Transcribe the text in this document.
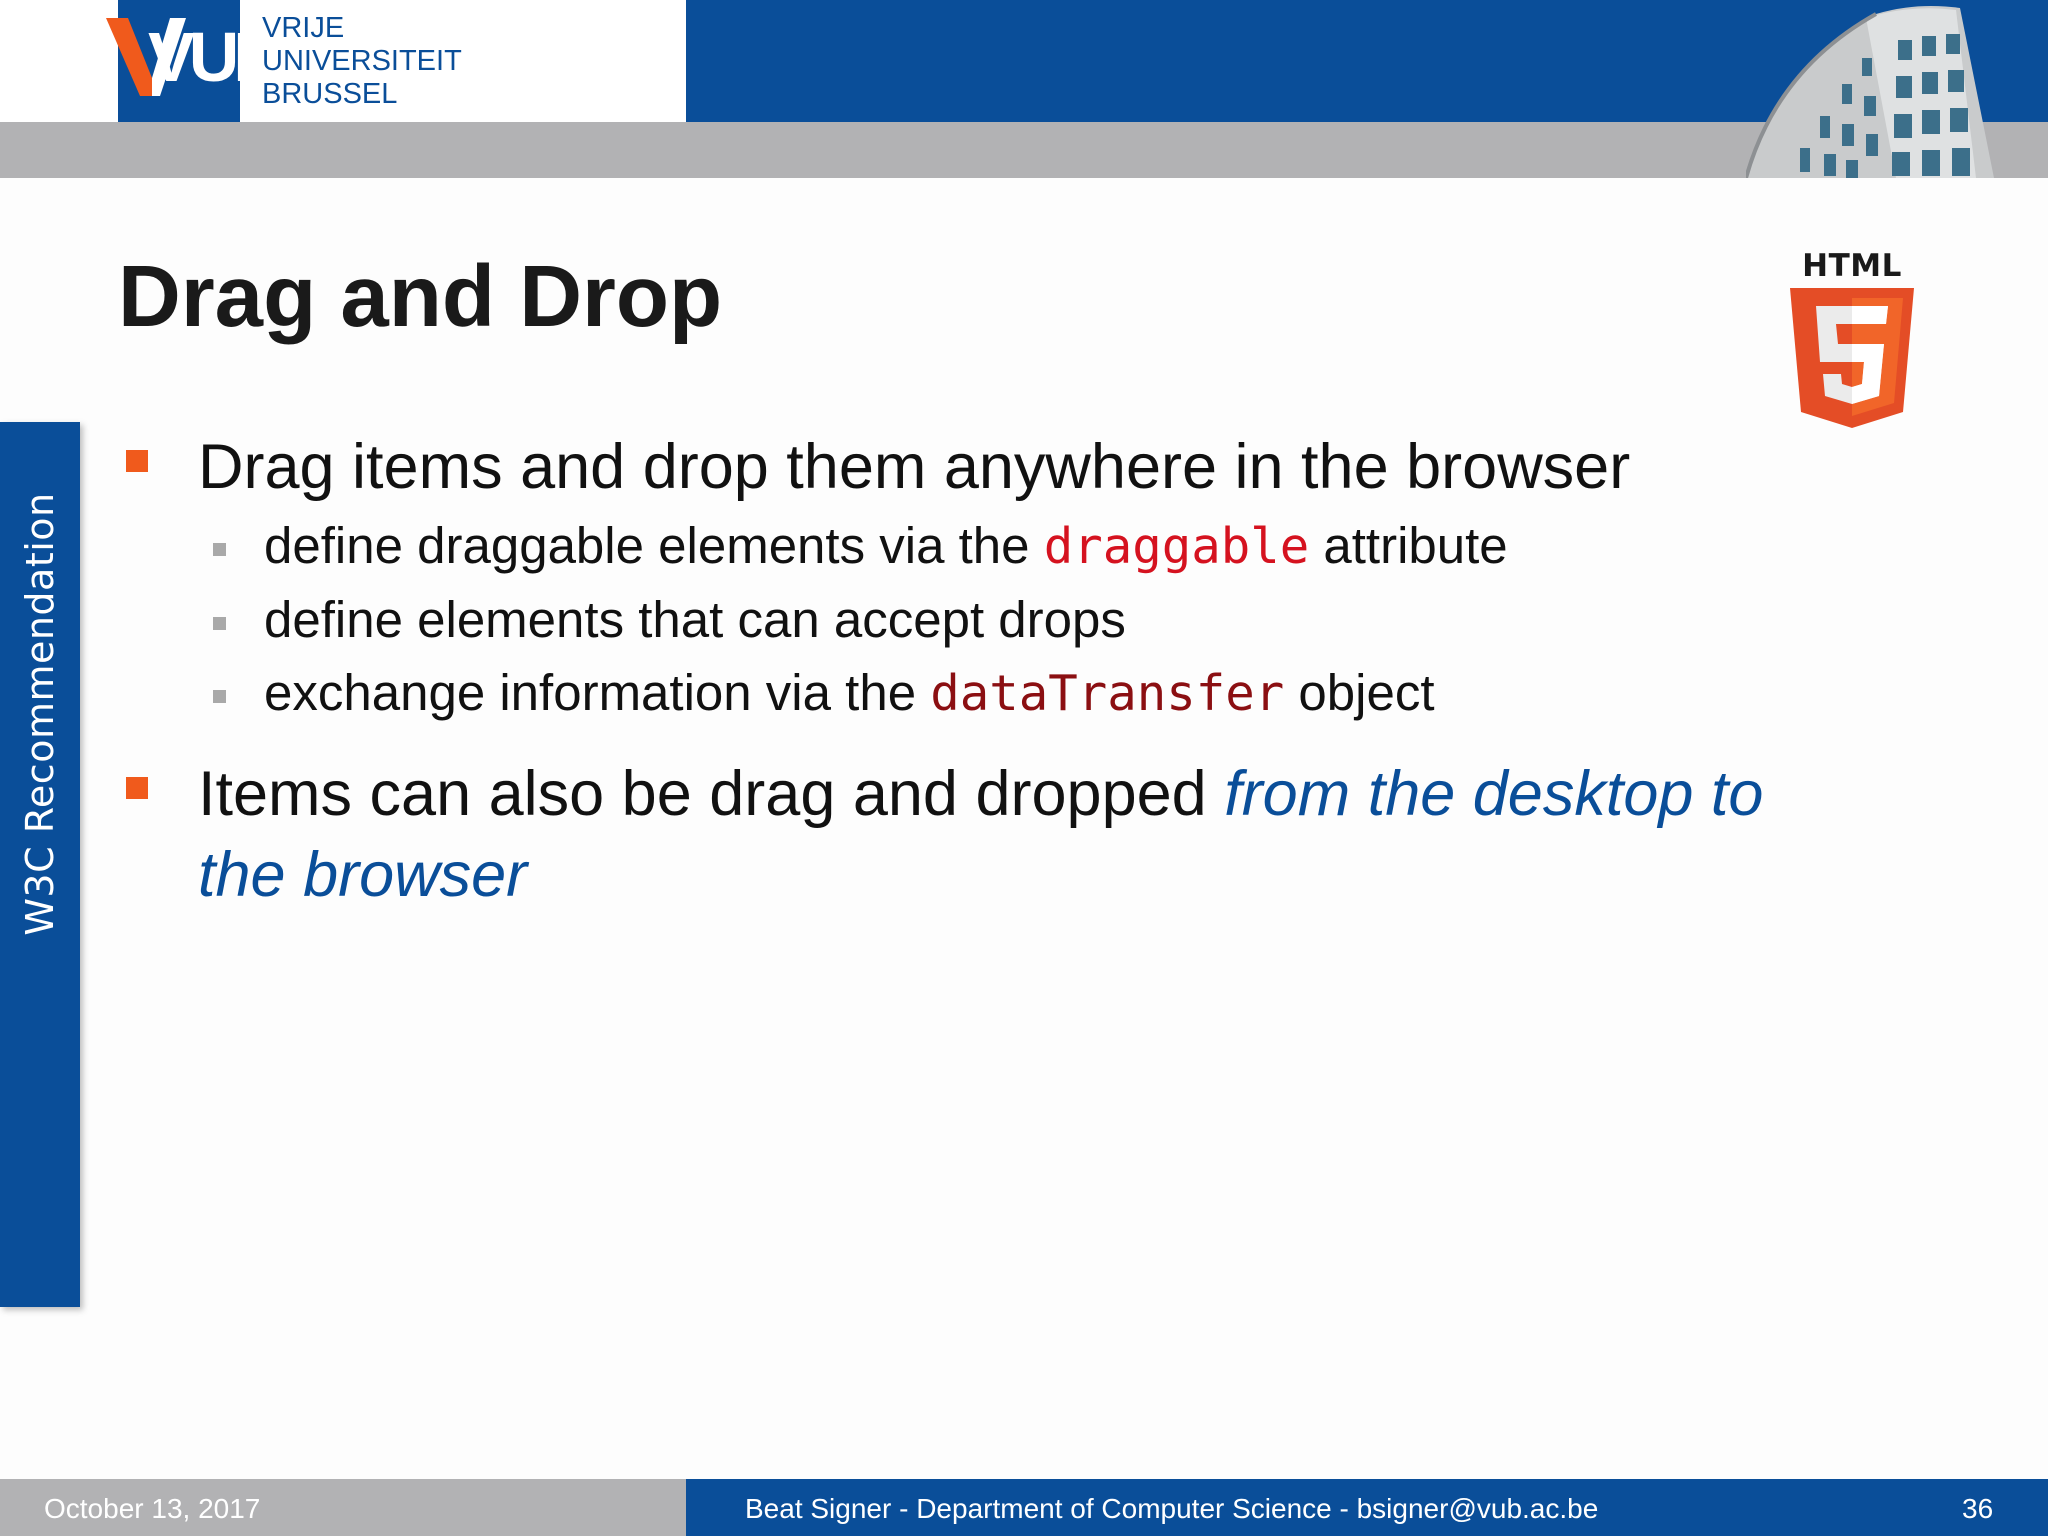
VUB
VRIJE
UNIVERSITEIT
BRUSSEL
W3C Recommendation
Drag and Drop	HTML
Drag items and drop them anywhere in the browser
define draggable elements via the draggable attribute
define elements that can accept drops
exchange information via the dataTransfer object
Items can also be drag and dropped from the desktop to
the browser
October 13, 2017	Beat Signer - Department of Computer Science - bsigner@vub.ac.be	36
